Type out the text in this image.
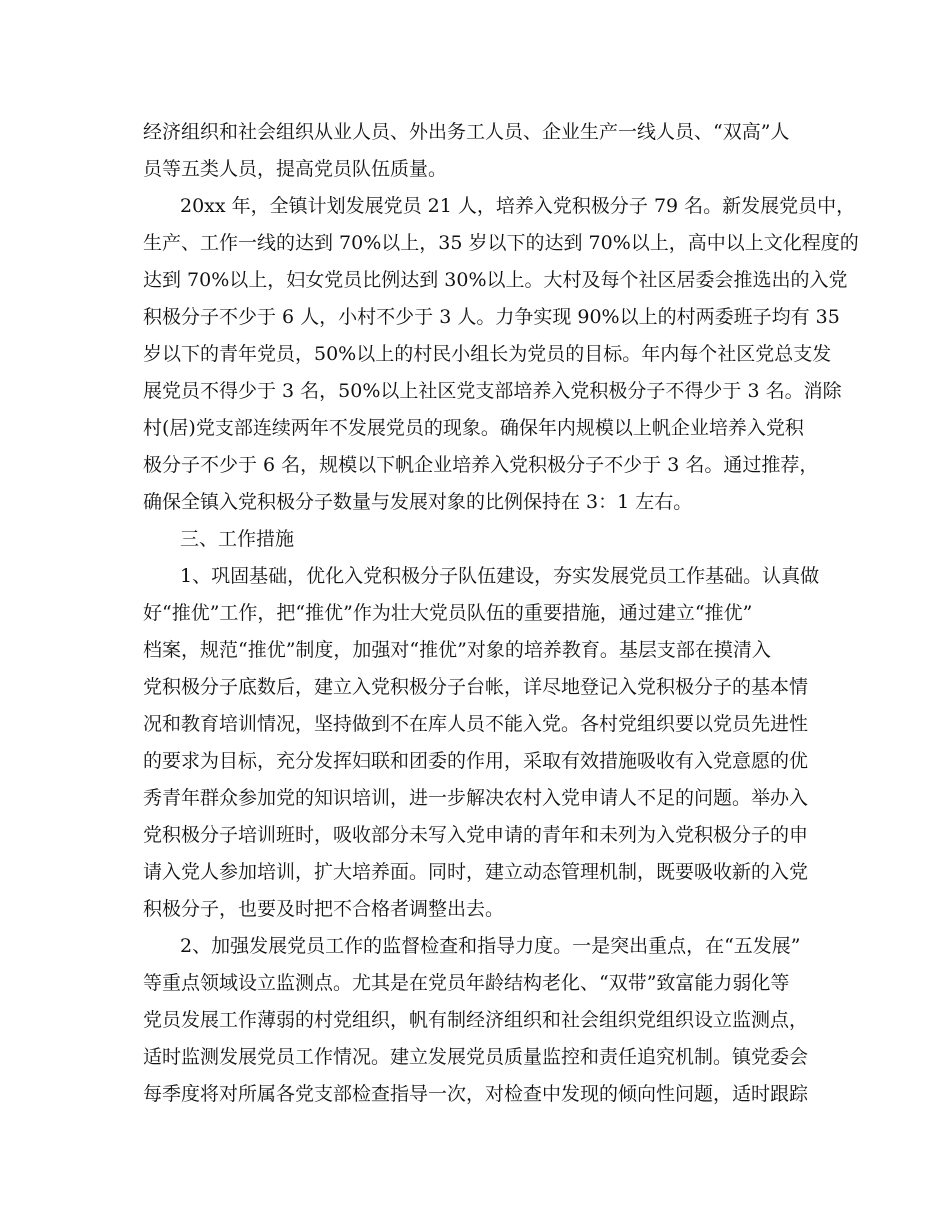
经济组织和社会组织从业人员、外出务工人员、企业生产一线人员、“双高”人
员等五类人员，提高党员队伍质量。
20xx 年，全镇计划发展党员 21 人，培养入党积极分子 79 名。新发展党员中，
生产、工作一线的达到 70%以上，35 岁以下的达到 70%以上，高中以上文化程度的
达到 70%以上，妇女党员比例达到 30%以上。大村及每个社区居委会推选出的入党
积极分子不少于 6 人，小村不少于 3 人。力争实现 90%以上的村两委班子均有 35
岁以下的青年党员，50%以上的村民小组长为党员的目标。年内每个社区党总支发
展党员不得少于 3 名，50%以上社区党支部培养入党积极分子不得少于 3 名。消除
村(居)党支部连续两年不发展党员的现象。确保年内规模以上帆企业培养入党积
极分子不少于 6 名，规模以下帆企业培养入党积极分子不少于 3 名。通过推荐，
确保全镇入党积极分子数量与发展对象的比例保持在 3：1 左右。
三、工作措施
1、巩固基础，优化入党积极分子队伍建设，夯实发展党员工作基础。认真做
好“推优”工作，把“推优”作为壮大党员队伍的重要措施，通过建立“推优”
档案，规范“推优”制度，加强对“推优”对象的培养教育。基层支部在摸清入
党积极分子底数后，建立入党积极分子台帐，详尽地登记入党积极分子的基本情
况和教育培训情况，坚持做到不在库人员不能入党。各村党组织要以党员先进性
的要求为目标，充分发挥妇联和团委的作用，采取有效措施吸收有入党意愿的优
秀青年群众参加党的知识培训，进一步解决农村入党申请人不足的问题。举办入
党积极分子培训班时，吸收部分未写入党申请的青年和未列为入党积极分子的申
请入党人参加培训，扩大培养面。同时，建立动态管理机制，既要吸收新的入党
积极分子，也要及时把不合格者调整出去。
2、加强发展党员工作的监督检查和指导力度。一是突出重点，在“五发展”
等重点领域设立监测点。尤其是在党员年龄结构老化、“双带”致富能力弱化等
党员发展工作薄弱的村党组织，帆有制经济组织和社会组织党组织设立监测点，
适时监测发展党员工作情况。建立发展党员质量监控和责任追究机制。镇党委会
每季度将对所属各党支部检查指导一次，对检查中发现的倾向性问题，适时跟踪
